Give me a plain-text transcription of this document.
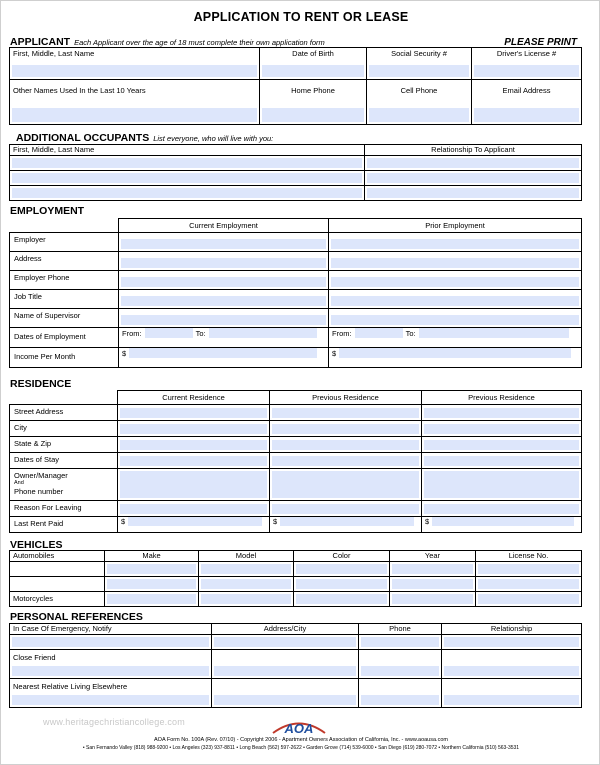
APPLICATION TO RENT OR LEASE
APPLICANT Each Applicant over the age of 18 must complete their own application form	PLEASE PRINT
First, Middle, Last Name	Date of Birth	Social Security #	Driver's License #

Other Names Used In the Last 10 Years	Home Phone	Cell Phone	Email Address
ADDITIONAL OCCUPANTS List everyone, who will live with you:
First, Middle, Last Name	Relationship To Applicant

EMPLOYMENT

	Current Employment	Prior Employment

Employer		

Address		

Employer Phone		

Job Title		

Name of Supervisor		

Dates of Employment	From: To:	From: To:

Income Per Month	$	$
RESIDENCE

	Current Residence	Previous Residence	Previous Residence

Street Address			

City			

State & Zip			

Dates of Stay			

Owner/Manager
And
Phone number			

Reason For Leaving			

Last Rent Paid	$	$	$
VEHICLES
Automobiles	Make	Model	Color	Year	License No.

Motorcycles					

PERSONAL REFERENCES
In Case Of Emergency, Notify	Address/City	Phone	Relationship

Close Friend			

Nearest Relative Living Elsewhere			

www.heritagechristiancollege.com	AOA
AOA Form No. 100A (Rev. 07/10) - Copyright 2006 - Apartment Owners Association of California, Inc. - www.aoausa.com
• San Fernando Valley (818) 988-9200 • Los Angeles (323) 937-8811 • Long Beach (562) 597-2622 • Garden Grove (714) 539-6000 • San Diego (619) 280-7072 • Northern California (510) 563-3531
